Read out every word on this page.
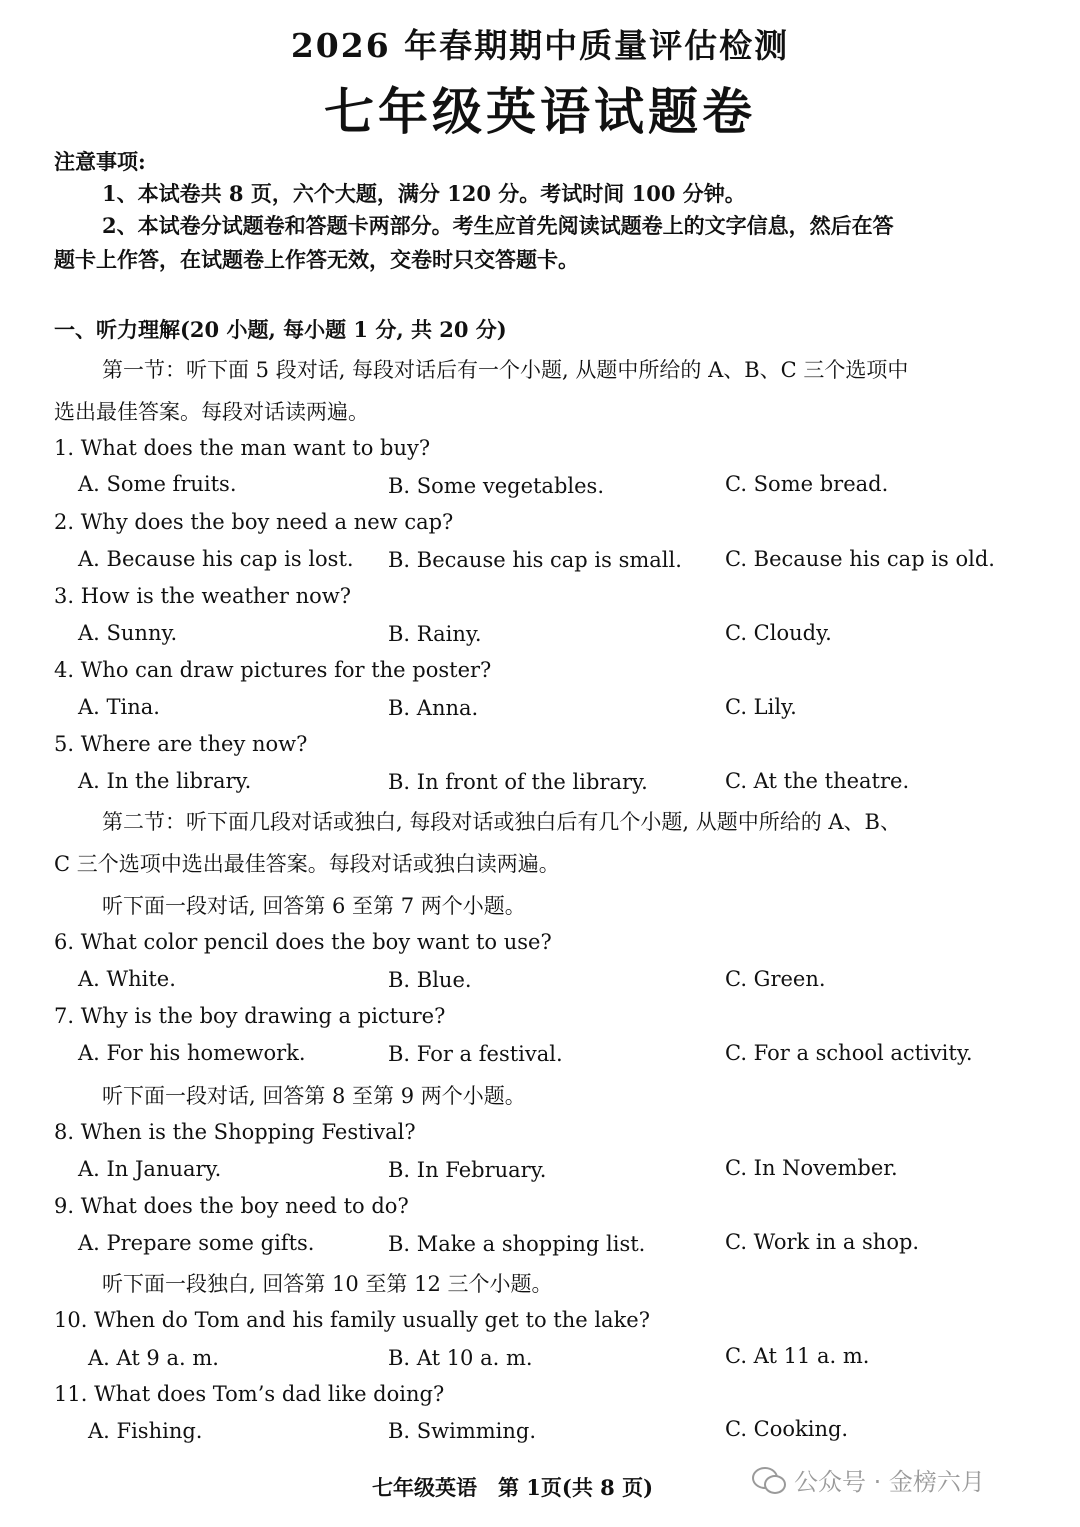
2026 年春期期中质量评估检测
七年级英语试题卷
注意事项:
1、本试卷共 8 页，六个大题，满分 120 分。考试时间 100 分钟。
2、本试卷分试题卷和答题卡两部分。考生应首先阅读试题卷上的文字信息，然后在答
题卡上作答，在试题卷上作答无效，交卷时只交答题卡。
一、听力理解(20 小题, 每小题 1 分, 共 20 分)
第一节：听下面 5 段对话, 每段对话后有一个小题, 从题中所给的 A、B、C 三个选项中
选出最佳答案。每段对话读两遍。
1. What does the man want to buy?
A. Some fruits.	B. Some vegetables.	C. Some bread.
2. Why does the boy need a new cap?
A. Because his cap is lost. B. Because his cap is small. C. Because his cap is old.
3. How is the weather now?
A. Sunny.	B. Rainy.	C. Cloudy.
4. Who can draw pictures for the poster?
A. Tina.	B. Anna.	C. Lily.
5. Where are they now?
A. In the library.	B. In front of the library.	C. At the theatre.
第二节：听下面几段对话或独白, 每段对话或独白后有几个小题, 从题中所给的 A、B、
C 三个选项中选出最佳答案。每段对话或独白读两遍。
听下面一段对话, 回答第 6 至第 7 两个小题。
6. What color pencil does the boy want to use?
A. White.	B. Blue.	C. Green.
7. Why is the boy drawing a picture?
A. For his homework.	B. For a festival.	C. For a school activity.
听下面一段对话, 回答第 8 至第 9 两个小题。
8. When is the Shopping Festival?
A. In January.	B. In February.	C. In November.
9. What does the boy need to do?
A. Prepare some gifts.	B. Make a shopping list.	C. Work in a shop.
听下面一段独白, 回答第 10 至第 12 三个小题。
10. When do Tom and his family usually get to the lake?
A. At 9 a. m.	B. At 10 a. m.	C. At 11 a. m.
11. What does Tom’s dad like doing?
A. Fishing.	B. Swimming.	C. Cooking.
七年级英语　第 1页(共 8 页)	公众号 · 金榜六月
